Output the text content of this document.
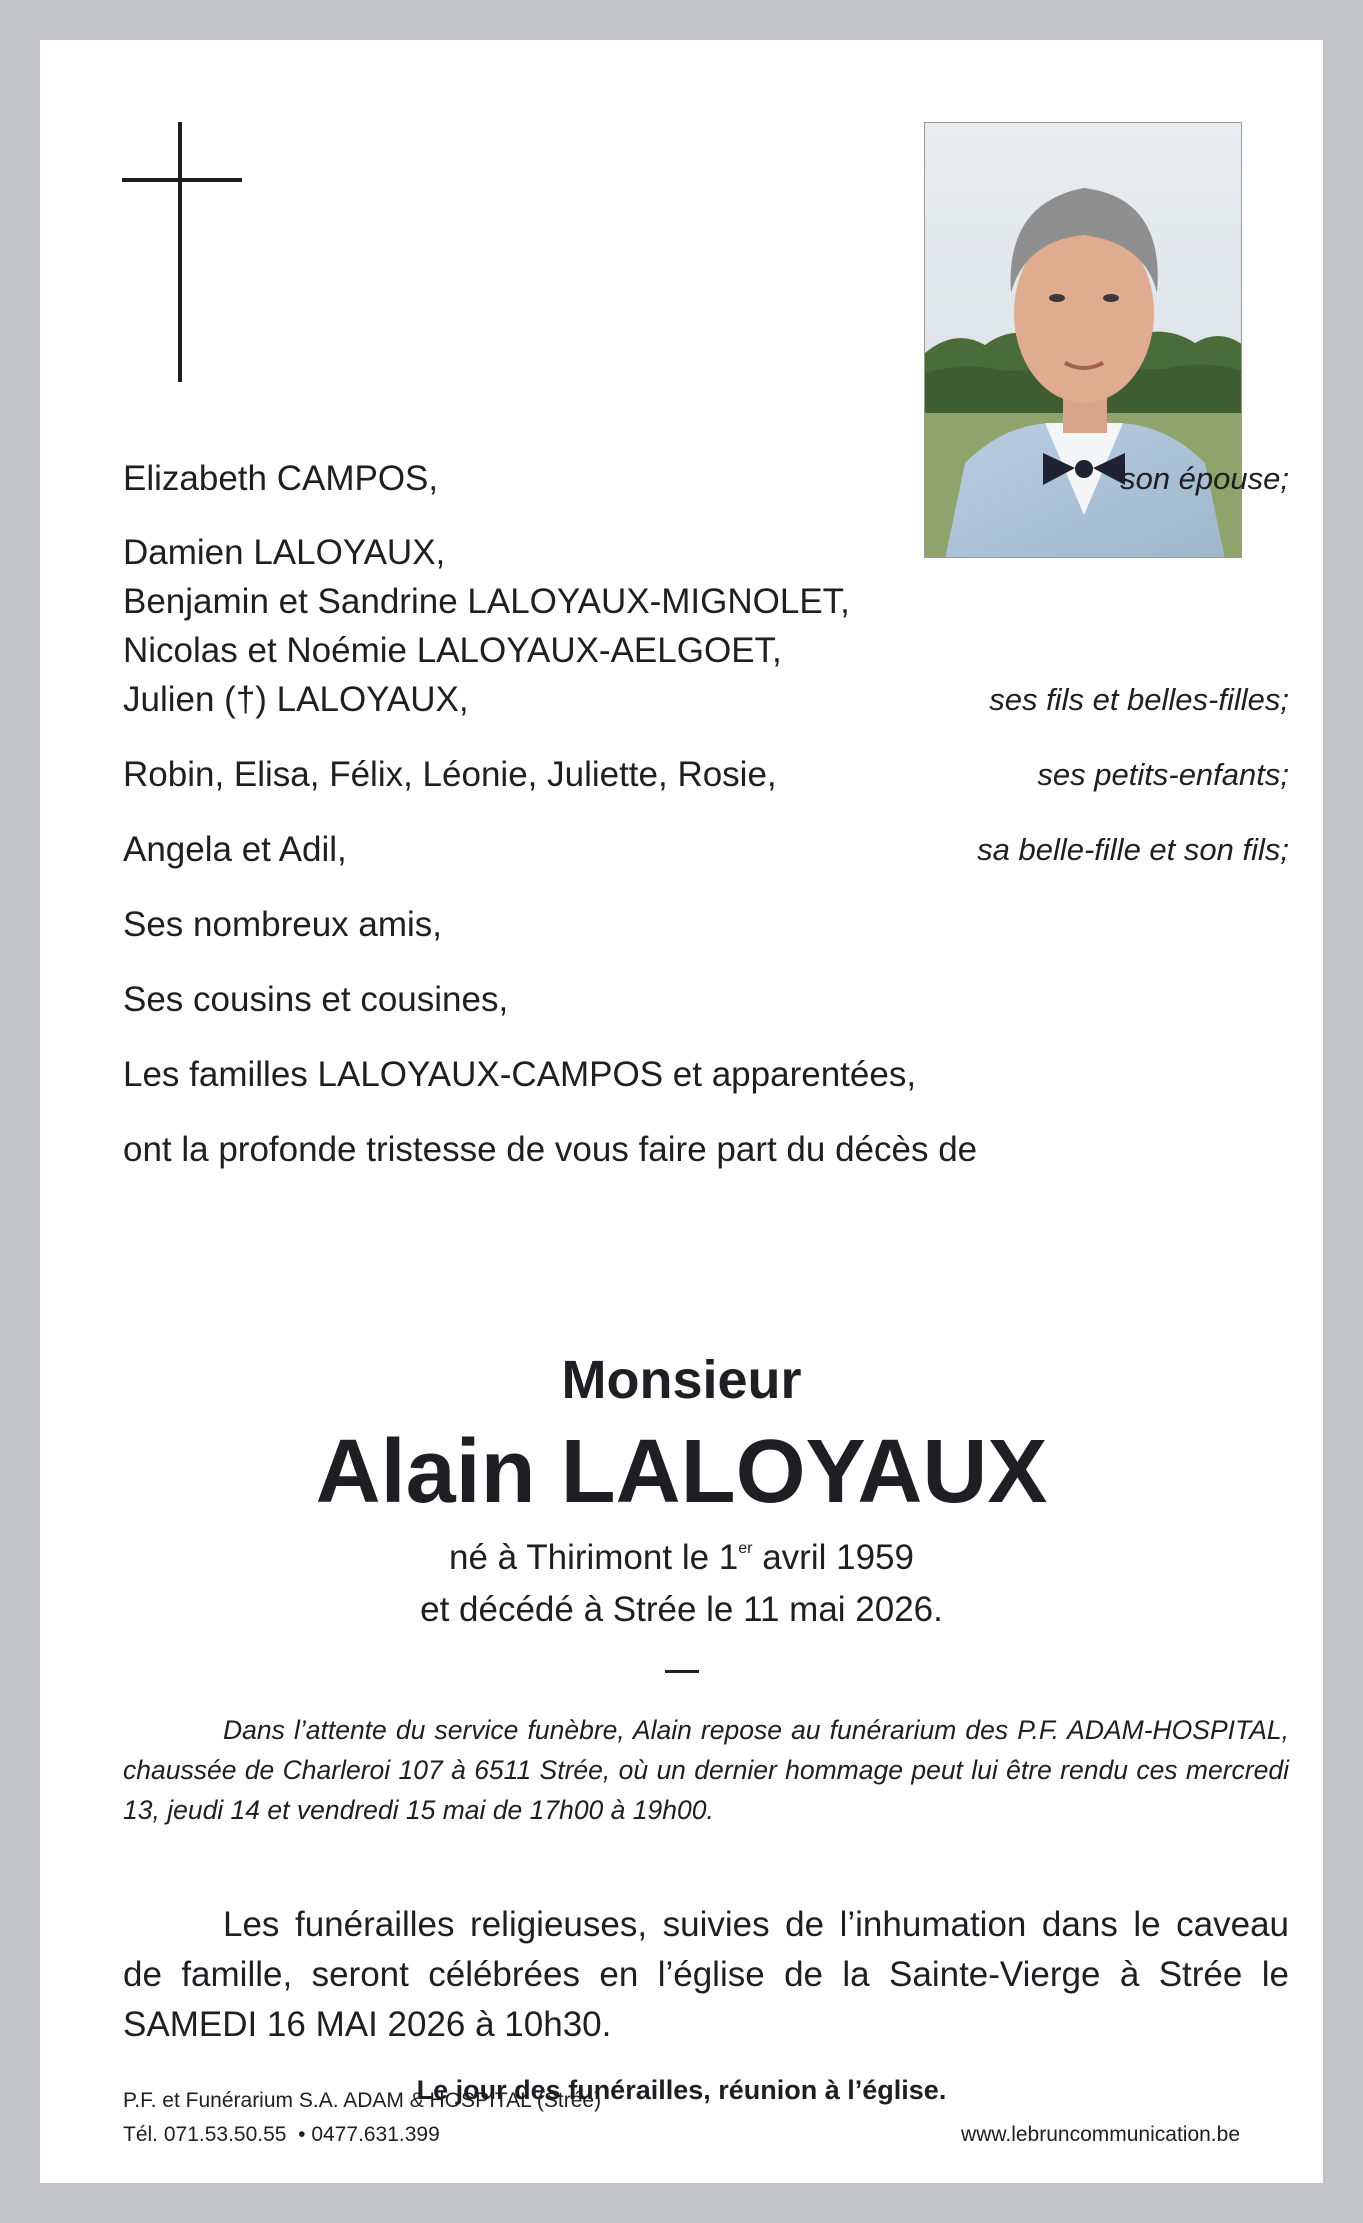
Elizabeth CAMPOS,	son épouse;
Damien LALOYAUX,
Benjamin et Sandrine LALOYAUX-MIGNOLET,
Nicolas et Noémie LALOYAUX-AELGOET,
Julien (†) LALOYAUX,	ses fils et belles-filles;
Robin, Elisa, Félix, Léonie, Juliette, Rosie,	ses petits-enfants;
Angela et Adil,	sa belle-fille et son fils;
Ses nombreux amis,
Ses cousins et cousines,
Les familles LALOYAUX-CAMPOS et apparentées,
ont la profonde tristesse de vous faire part du décès de
Monsieur
Alain LALOYAUX
né à Thirimont le 1er avril 1959
et décédé à Strée le 11 mai 2026.

Dans l’attente du service funèbre, Alain repose au funérarium des P.F. ADAM-HOSPITAL, chaussée de Charleroi 107 à 6511 Strée, où un dernier hommage peut lui être rendu ces mercredi 13, jeudi 14 et vendredi 15 mai de 17h00 à 19h00.

Les funérailles religieuses, suivies de l’inhumation dans le caveau de famille, seront célébrées en l’église de la Sainte-Vierge à Strée le SAMEDI 16 MAI 2026 à 10h30.

Le jour des funérailles, réunion à l’église.
P.F. et Funérarium S.A. ADAM & HOSPITAL (Strée)
Tél. 071.53.50.55  • 0477.631.399	www.lebruncommunication.be
